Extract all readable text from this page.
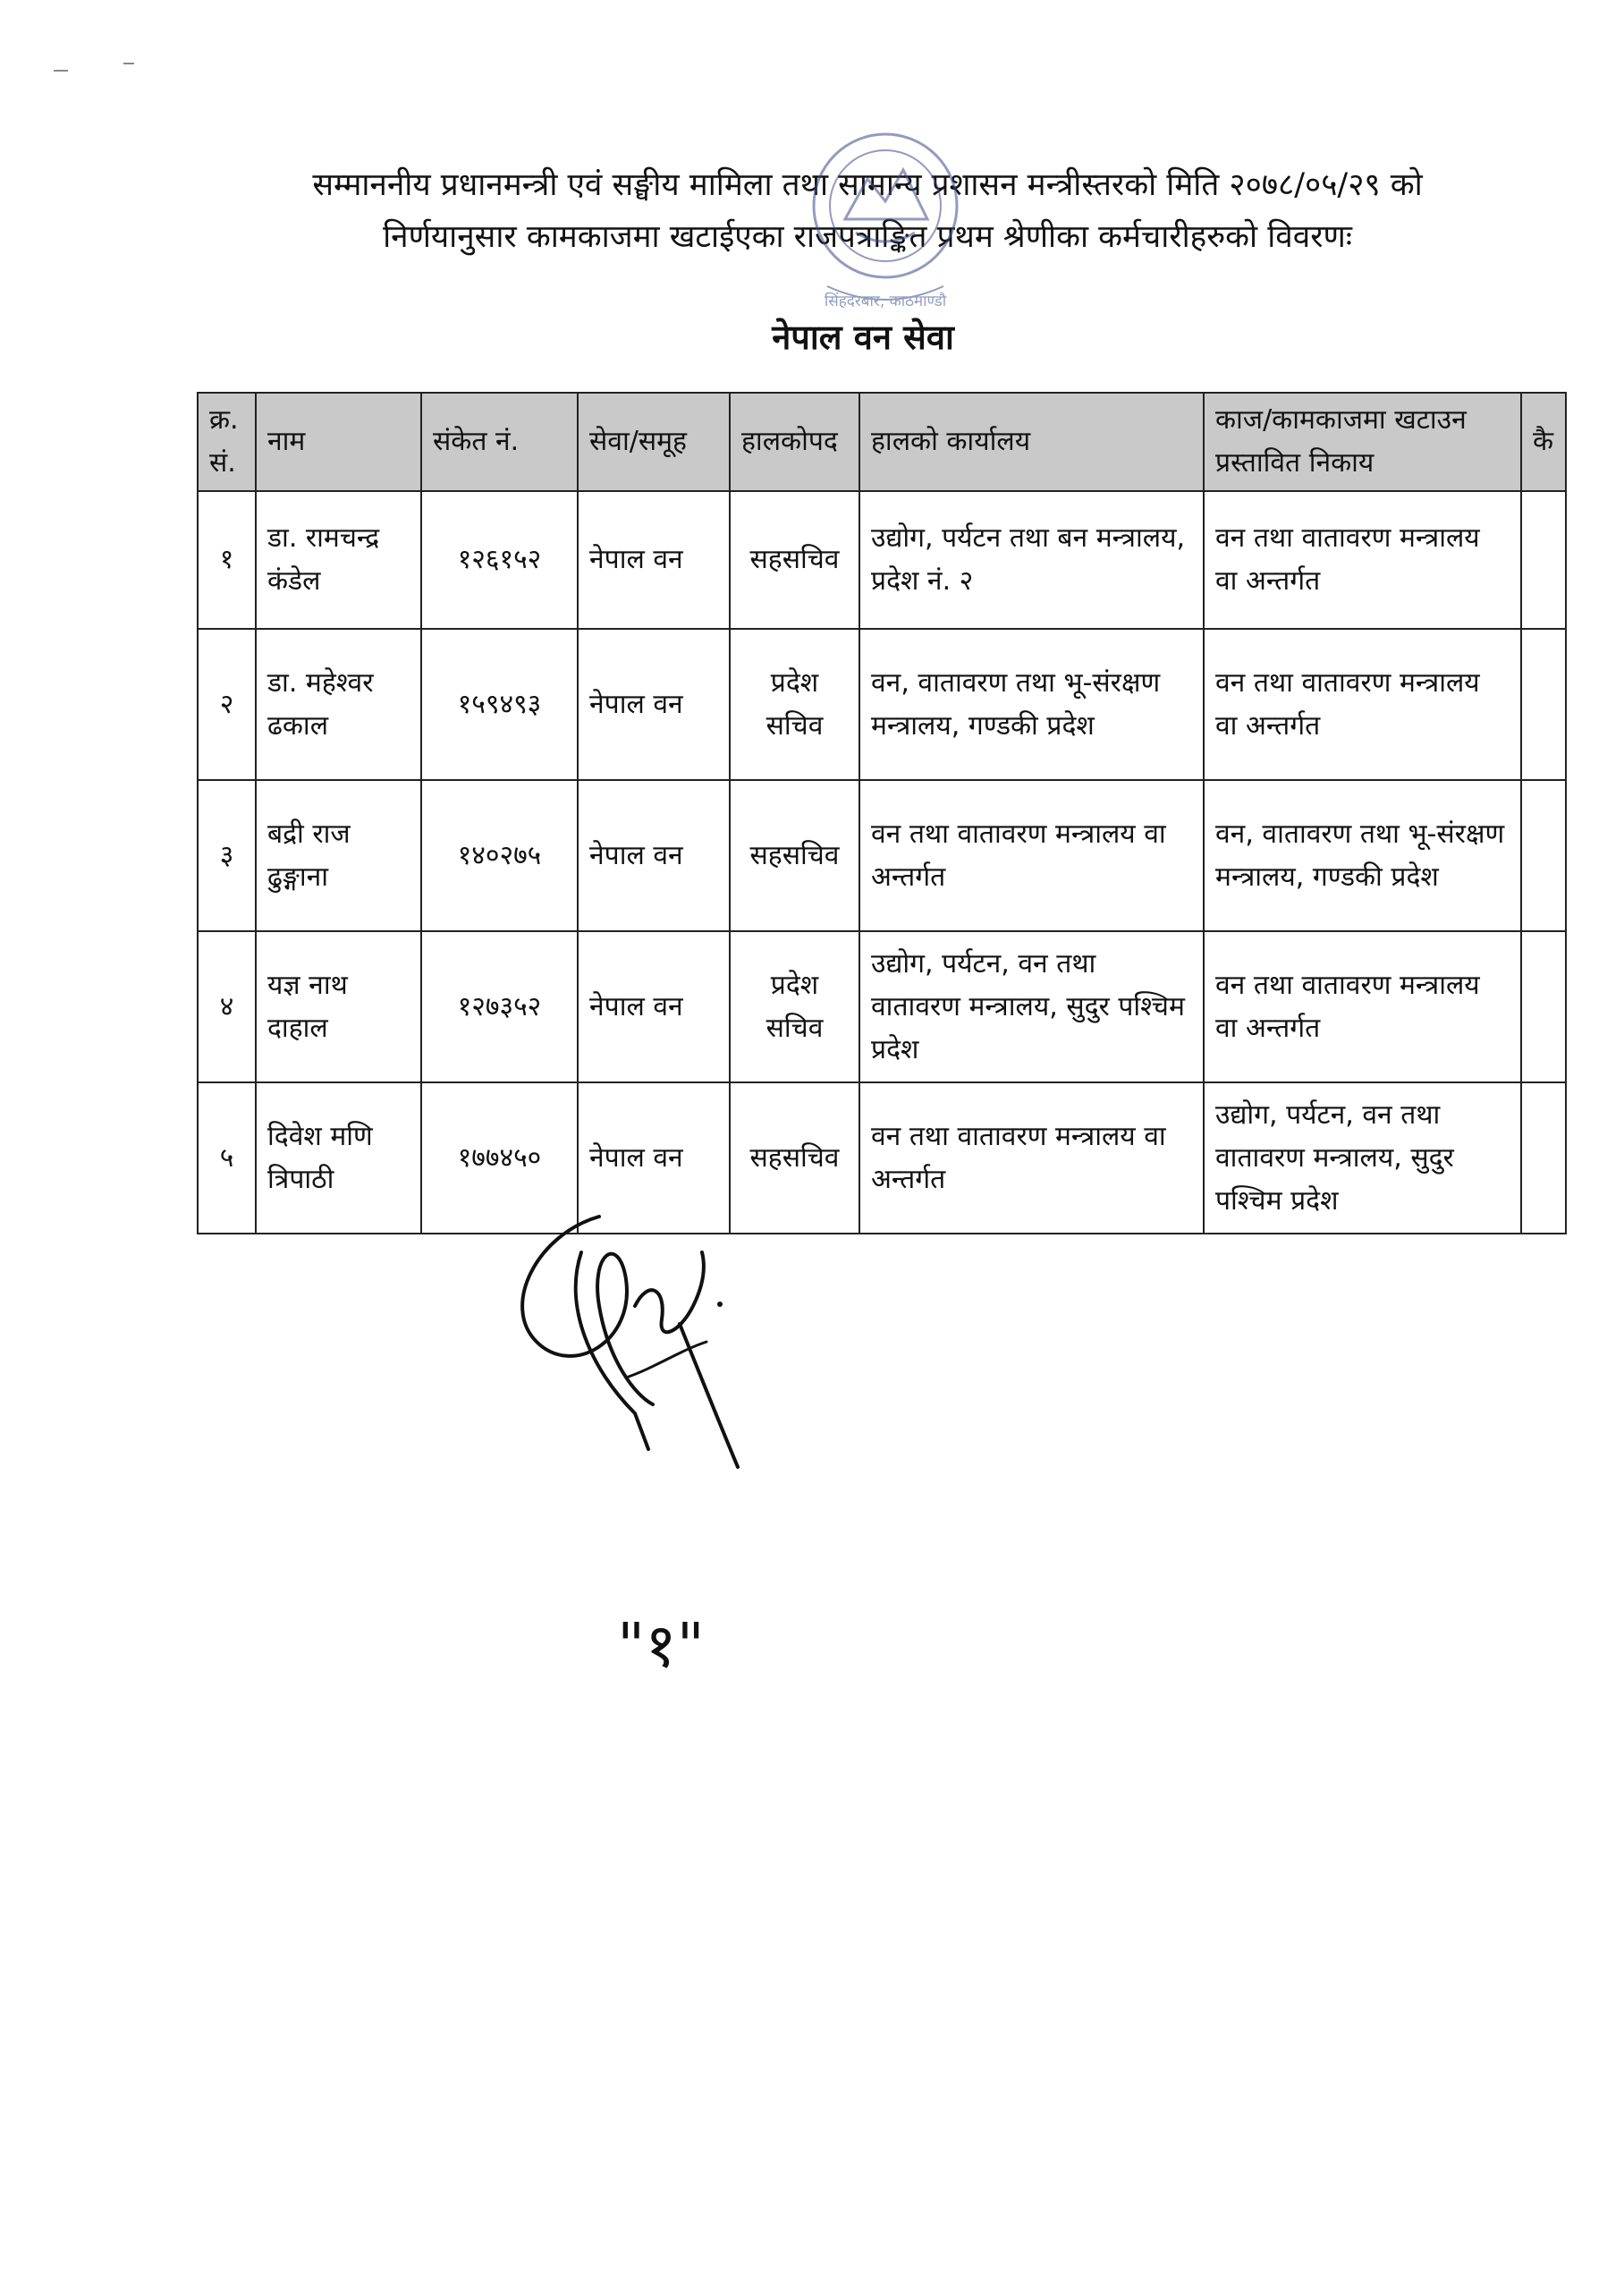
सम्माननीय प्रधानमन्त्री एवं सङ्घीय मामिला तथा सामान्य प्रशासन मन्त्रीस्तरको मिति २०७८/०५/२९ को
निर्णयानुसार कामकाजमा खटाईएका राजपत्राङ्कित प्रथम श्रेणीका कर्मचारीहरुको विवरणः
सिंहदरबार, काठमाण्डौ
नेपाल वन सेवा
क्र. सं.	नाम	संकेत नं.	सेवा/समूह	हालकोपद	हालको कार्यालय	काज/कामकाजमा खटाउन प्रस्तावित निकाय	कै
१	डा. रामचन्द्र कंडेल	१२६१५२	नेपाल वन	सहसचिव	उद्योग, पर्यटन तथा बन मन्त्रालय, प्रदेश नं. २	वन तथा वातावरण मन्त्रालय वा अन्तर्गत	
२	डा. महेश्वर ढकाल	१५९४९३	नेपाल वन	प्रदेश सचिव	वन, वातावरण तथा भू-संरक्षण मन्त्रालय, गण्डकी प्रदेश	वन तथा वातावरण मन्त्रालय वा अन्तर्गत	
३	बद्री राज ढुङ्गाना	१४०२७५	नेपाल वन	सहसचिव	वन तथा वातावरण मन्त्रालय वा अन्तर्गत	वन, वातावरण तथा भू-संरक्षण मन्त्रालय, गण्डकी प्रदेश	
४	यज्ञ नाथ दाहाल	१२७३५२	नेपाल वन	प्रदेश सचिव	उद्योग, पर्यटन, वन तथा वातावरण मन्त्रालय, सुदुर पश्चिम प्रदेश	वन तथा वातावरण मन्त्रालय वा अन्तर्गत	
५	दिवेश मणि त्रिपाठी	१७७४५०	नेपाल वन	सहसचिव	वन तथा वातावरण मन्त्रालय वा अन्तर्गत	उद्योग, पर्यटन, वन तथा वातावरण मन्त्रालय, सुदुर पश्चिम प्रदेश	
"१"
